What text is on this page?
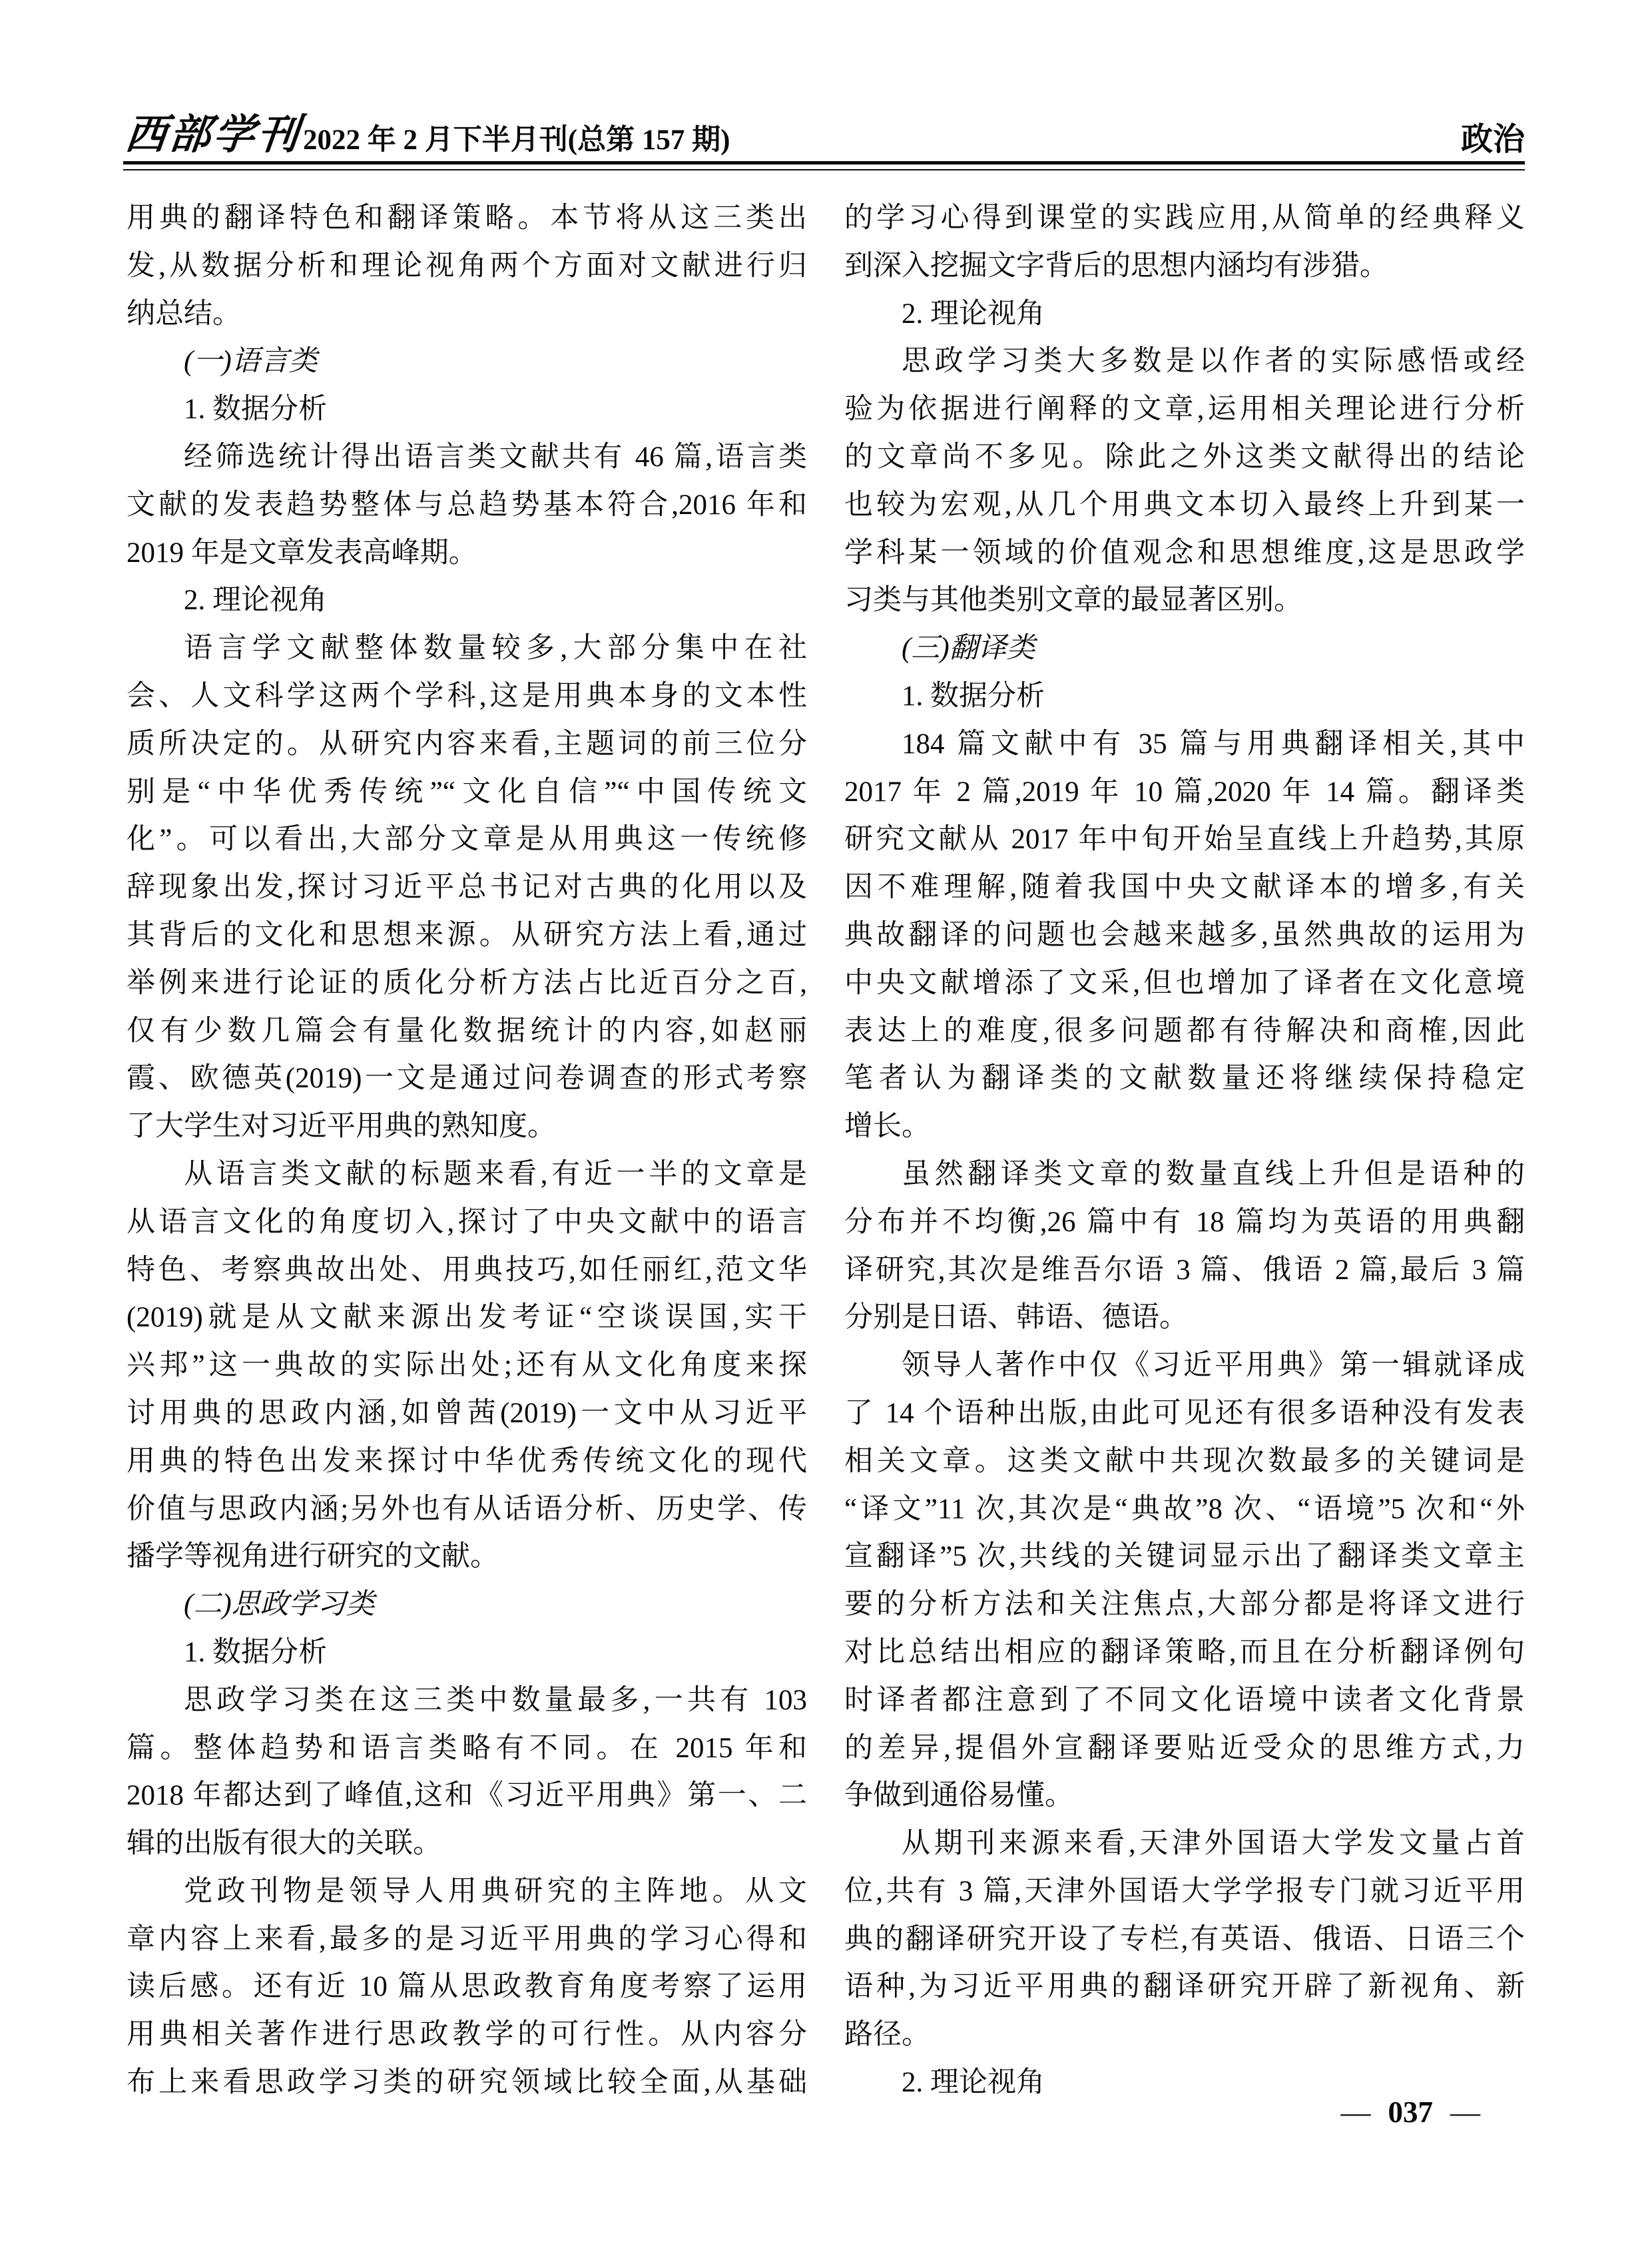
西部学刊 2022 年 2 月下半月刊(总第 157 期)	政治
用典的翻译特色和翻译策略。本节将从这三类出
发,从数据分析和理论视角两个方面对文献进行归
纳总结。
(一)语言类
1. 数据分析
经筛选统计得出语言类文献共有 46 篇,语言类
文献的发表趋势整体与总趋势基本符合,2016 年和
2019 年是文章发表高峰期。
2. 理论视角
语言学文献整体数量较多,大部分集中在社
会、人文科学这两个学科,这是用典本身的文本性
质所决定的。从研究内容来看,主题词的前三位分
别是“中华优秀传统”“文化自信”“中国传统文
化”。可以看出,大部分文章是从用典这一传统修
辞现象出发,探讨习近平总书记对古典的化用以及
其背后的文化和思想来源。从研究方法上看,通过
举例来进行论证的质化分析方法占比近百分之百,
仅有少数几篇会有量化数据统计的内容,如赵丽
霞、欧德英(2019)一文是通过问卷调查的形式考察
了大学生对习近平用典的熟知度。
从语言类文献的标题来看,有近一半的文章是
从语言文化的角度切入,探讨了中央文献中的语言
特色、考察典故出处、用典技巧,如任丽红,范文华
(2019)就是从文献来源出发考证“空谈误国,实干
兴邦”这一典故的实际出处;还有从文化角度来探
讨用典的思政内涵,如曾茜(2019)一文中从习近平
用典的特色出发来探讨中华优秀传统文化的现代
价值与思政内涵;另外也有从话语分析、历史学、传
播学等视角进行研究的文献。
(二)思政学习类
1. 数据分析
思政学习类在这三类中数量最多,一共有 103
篇。整体趋势和语言类略有不同。在 2015 年和
2018 年都达到了峰值,这和《习近平用典》第一、二
辑的出版有很大的关联。
党政刊物是领导人用典研究的主阵地。从文
章内容上来看,最多的是习近平用典的学习心得和
读后感。还有近 10 篇从思政教育角度考察了运用
用典相关著作进行思政教学的可行性。从内容分
布上来看思政学习类的研究领域比较全面,从基础
的学习心得到课堂的实践应用,从简单的经典释义
到深入挖掘文字背后的思想内涵均有涉猎。
2. 理论视角
思政学习类大多数是以作者的实际感悟或经
验为依据进行阐释的文章,运用相关理论进行分析
的文章尚不多见。除此之外这类文献得出的结论
也较为宏观,从几个用典文本切入最终上升到某一
学科某一领域的价值观念和思想维度,这是思政学
习类与其他类别文章的最显著区别。
(三)翻译类
1. 数据分析
184 篇文献中有 35 篇与用典翻译相关,其中
2017 年 2 篇,2019 年 10 篇,2020 年 14 篇。翻译类
研究文献从 2017 年中旬开始呈直线上升趋势,其原
因不难理解,随着我国中央文献译本的增多,有关
典故翻译的问题也会越来越多,虽然典故的运用为
中央文献增添了文采,但也增加了译者在文化意境
表达上的难度,很多问题都有待解决和商榷,因此
笔者认为翻译类的文献数量还将继续保持稳定
增长。
虽然翻译类文章的数量直线上升但是语种的
分布并不均衡,26 篇中有 18 篇均为英语的用典翻
译研究,其次是维吾尔语 3 篇、俄语 2 篇,最后 3 篇
分别是日语、韩语、德语。
领导人著作中仅《习近平用典》第一辑就译成
了 14 个语种出版,由此可见还有很多语种没有发表
相关文章。这类文献中共现次数最多的关键词是
“译文”11 次,其次是“典故”8 次、“语境”5 次和“外
宣翻译”5 次,共线的关键词显示出了翻译类文章主
要的分析方法和关注焦点,大部分都是将译文进行
对比总结出相应的翻译策略,而且在分析翻译例句
时译者都注意到了不同文化语境中读者文化背景
的差异,提倡外宣翻译要贴近受众的思维方式,力
争做到通俗易懂。
从期刊来源来看,天津外国语大学发文量占首
位,共有 3 篇,天津外国语大学学报专门就习近平用
典的翻译研究开设了专栏,有英语、俄语、日语三个
语种,为习近平用典的翻译研究开辟了新视角、新
路径。
2. 理论视角
— 037 —
